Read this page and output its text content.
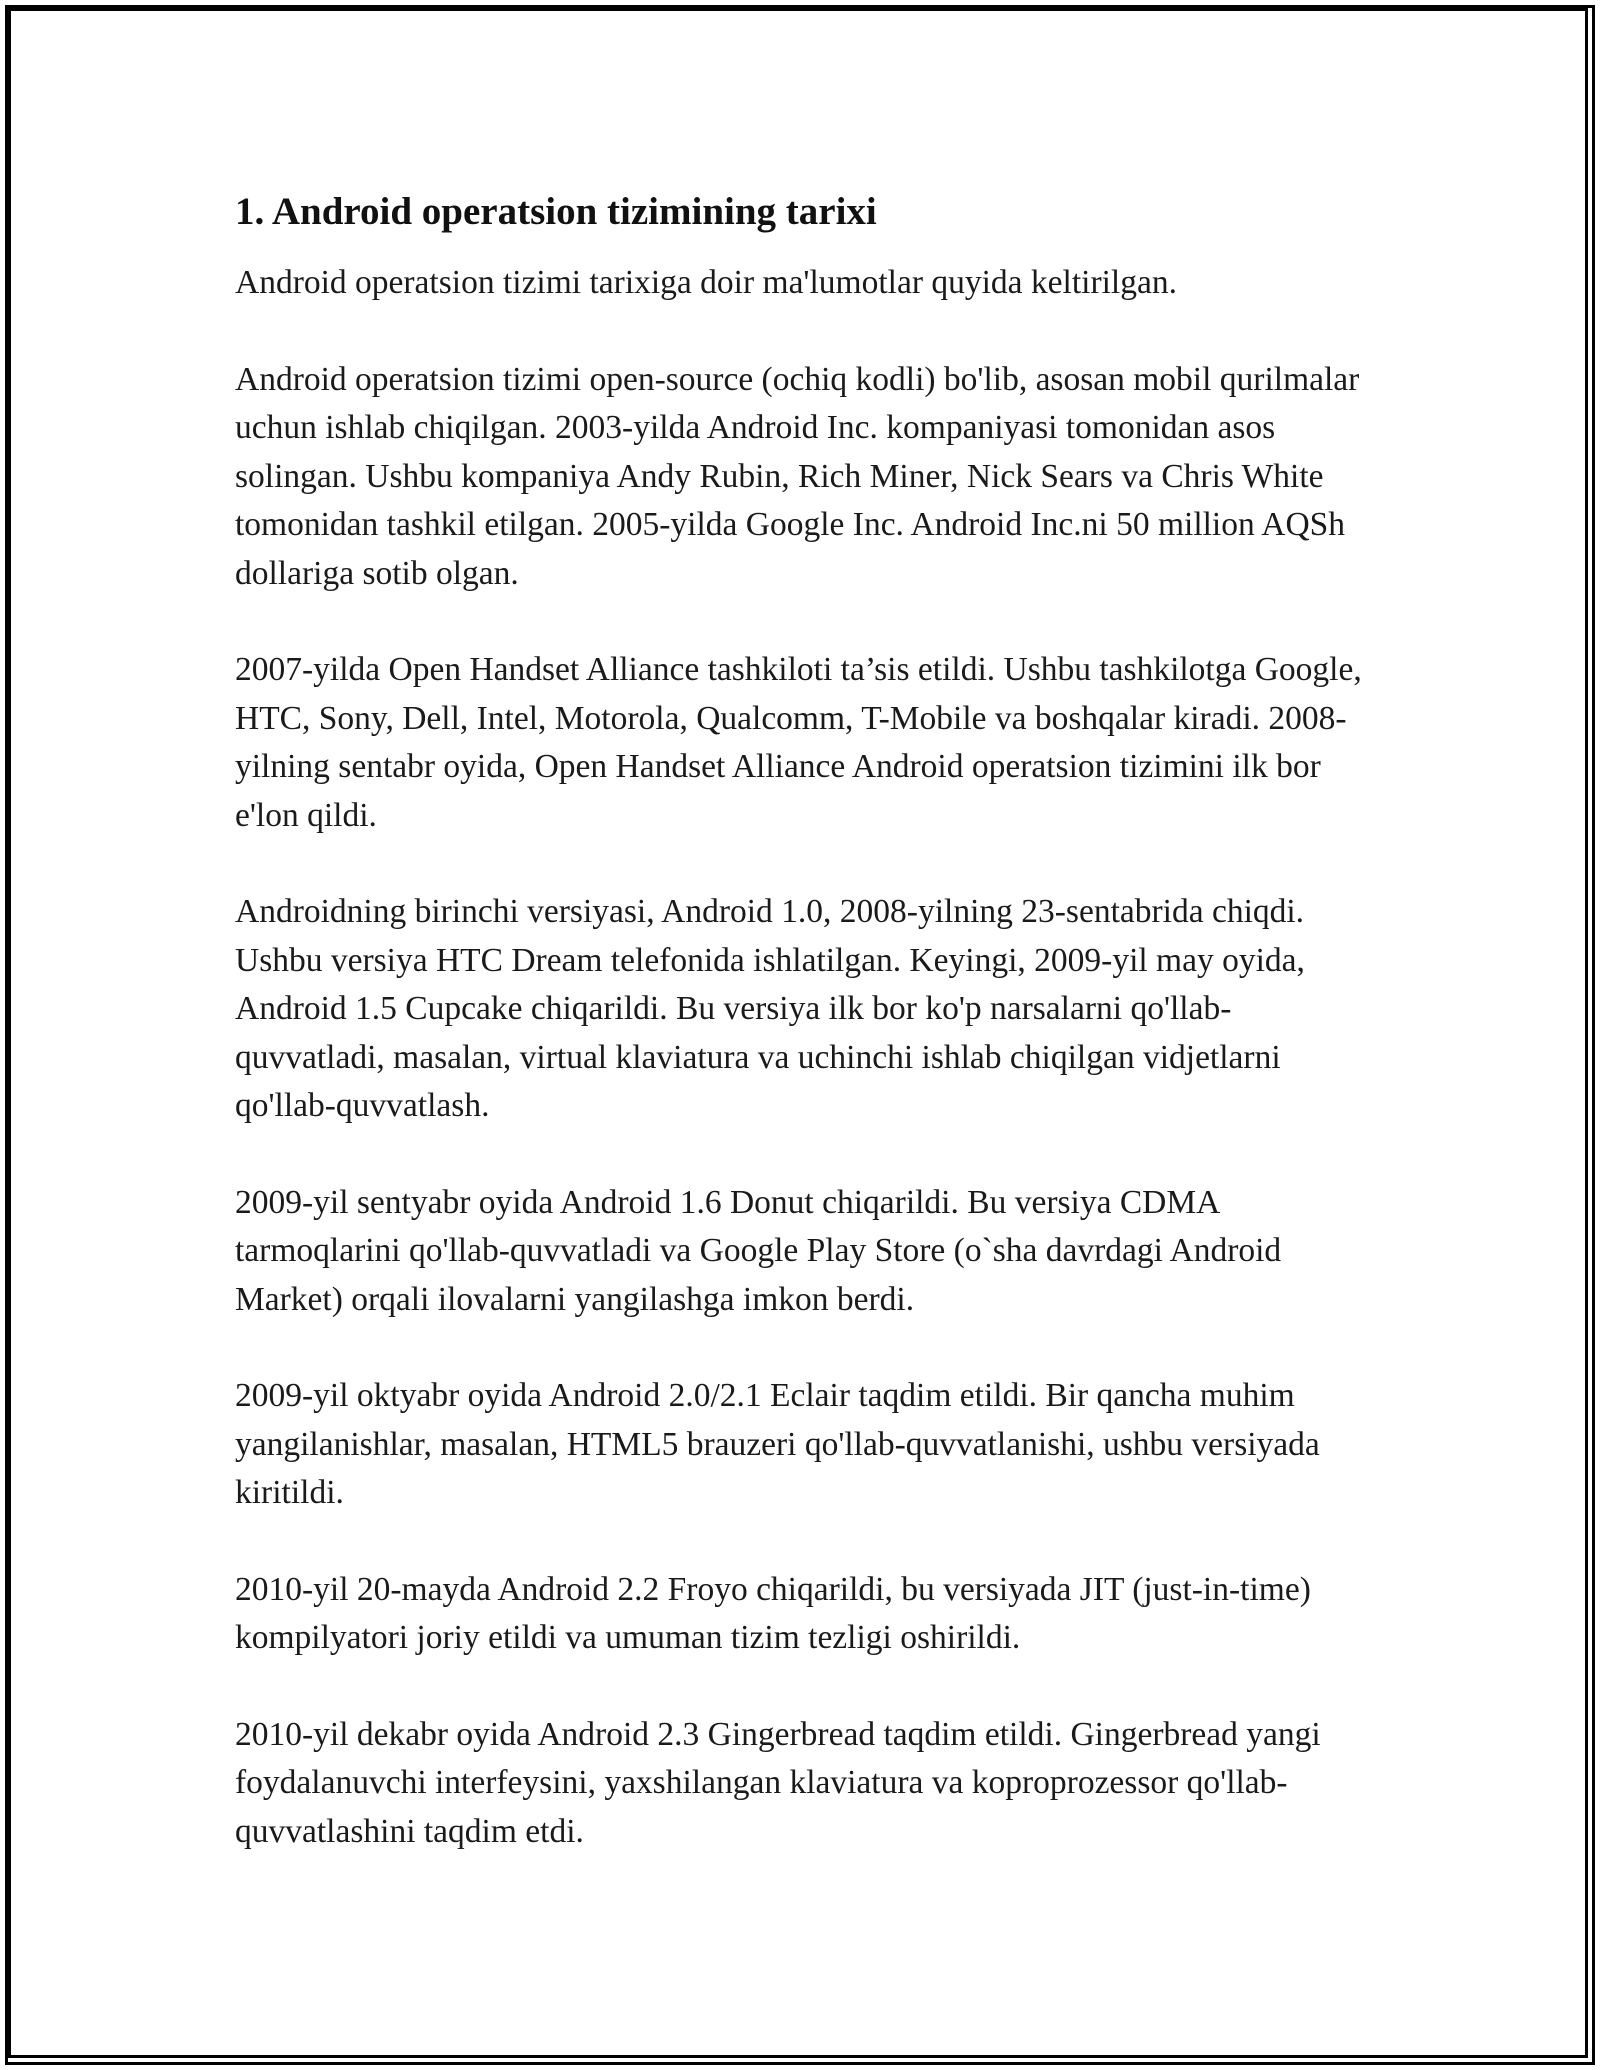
1. Android operatsion tizimining tarixi

Android operatsion tizimi tarixiga doir ma'lumotlar quyida keltirilgan.

Android operatsion tizimi open-source (ochiq kodli) bo'lib, asosan mobil qurilmalar uchun ishlab chiqilgan. 2003-yilda Android Inc. kompaniyasi tomonidan asos solingan. Ushbu kompaniya Andy Rubin, Rich Miner, Nick Sears va Chris White tomonidan tashkil etilgan. 2005-yilda Google Inc. Android Inc.ni 50 million AQSh dollariga sotib olgan.

2007-yilda Open Handset Alliance tashkiloti ta’sis etildi. Ushbu tashkilotga Google, HTC, Sony, Dell, Intel, Motorola, Qualcomm, T-Mobile va boshqalar kiradi. 2008-yilning sentabr oyida, Open Handset Alliance Android operatsion tizimini ilk bor e'lon qildi.

Androidning birinchi versiyasi, Android 1.0, 2008-yilning 23-sentabrida chiqdi. Ushbu versiya HTC Dream telefonida ishlatilgan. Keyingi, 2009-yil may oyida, Android 1.5 Cupcake chiqarildi. Bu versiya ilk bor ko'p narsalarni qo'llab-quvvatladi, masalan, virtual klaviatura va uchinchi ishlab chiqilgan vidjetlarni qo'llab-quvvatlash.

2009-yil sentyabr oyida Android 1.6 Donut chiqarildi. Bu versiya CDMA tarmoqlarini qo'llab-quvvatladi va Google Play Store (o`sha davrdagi Android Market) orqali ilovalarni yangilashga imkon berdi.

2009-yil oktyabr oyida Android 2.0/2.1 Eclair taqdim etildi. Bir qancha muhim yangilanishlar, masalan, HTML5 brauzeri qo'llab-quvvatlanishi, ushbu versiyada kiritildi.

2010-yil 20-mayda Android 2.2 Froyo chiqarildi, bu versiyada JIT (just-in-time) kompilyatori joriy etildi va umuman tizim tezligi oshirildi.

2010-yil dekabr oyida Android 2.3 Gingerbread taqdim etildi. Gingerbread yangi foydalanuvchi interfeysini, yaxshilangan klaviatura va koproprozessor qo'llab-quvvatlashini taqdim etdi.
